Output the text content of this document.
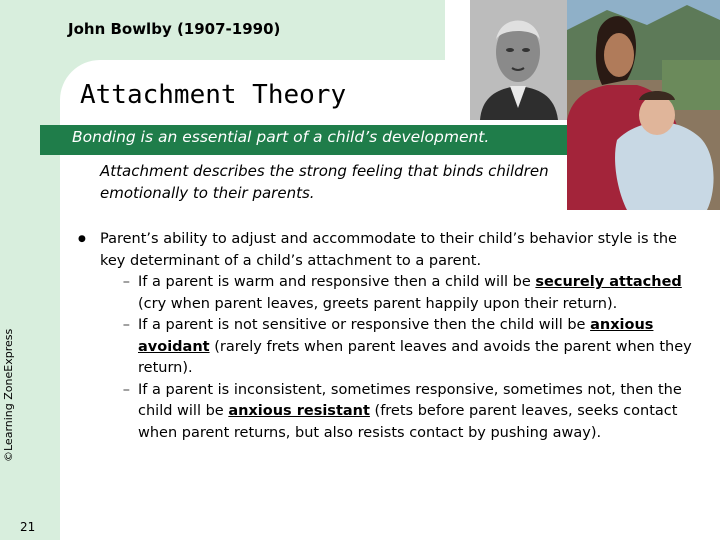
John Bowlby (1907-1990)
Attachment Theory
Bonding is an essential part of a child’s development.
Attachment describes the strong feeling that binds children emotionally to their parents.
● Parent’s ability to adjust and accommodate to their child’s behavior style is the key determinant of a child’s attachment to a parent.
– If a parent is warm and responsive then a child will be securely attached (cry when parent leaves, greets parent happily upon their return).
– If a parent is not sensitive or responsive then the child will be anxious avoidant (rarely frets when parent leaves and avoids the parent when they return).
– If a parent is inconsistent, sometimes responsive, sometimes not, then the child will be anxious resistant (frets before parent leaves, seeks contact when parent returns, but also resists contact by pushing away).
©Learning ZoneExpress
21
